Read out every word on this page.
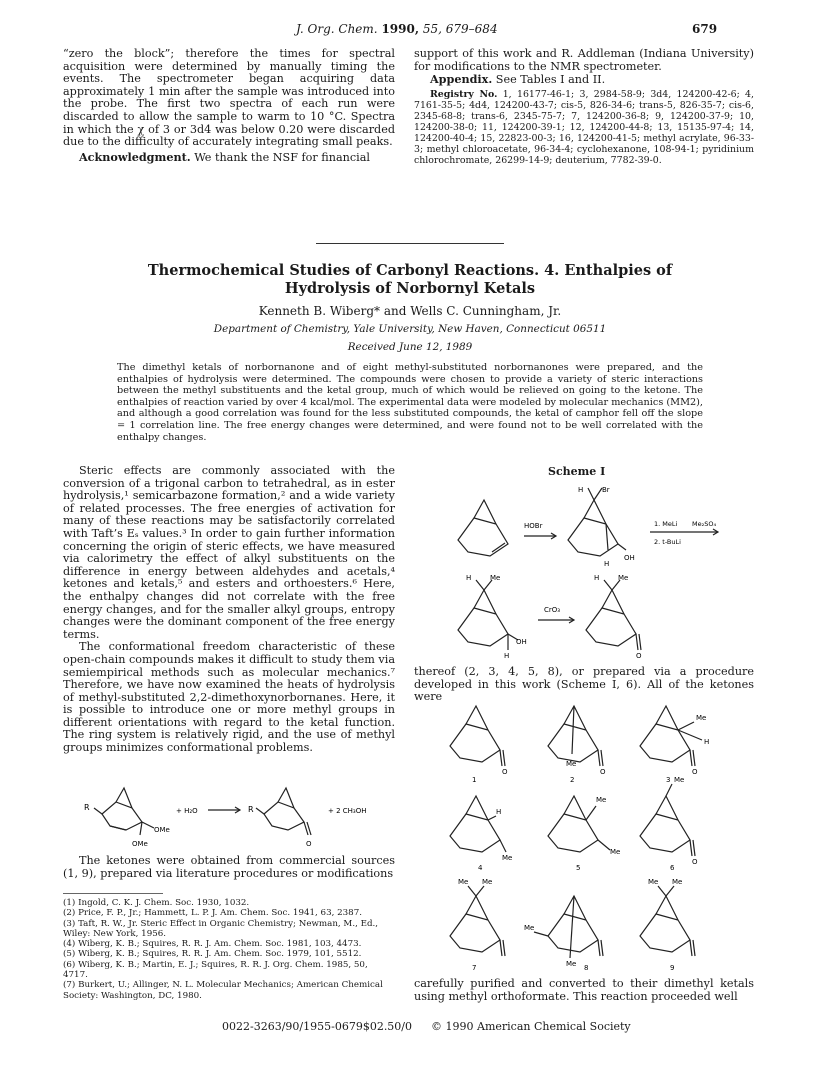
J. Org. Chem. 1990, 55, 679–684	679

“zero the block”; therefore the times for spectral acquisition were determined by manually timing the events. The spectrometer began acquiring data approximately 1 min after the sample was introduced into the probe. The first two spectra of each run were discarded to allow the sample to warm to 10 °C. Spectra in which the χ of 3 or 3d4 was below 0.20 were discarded due to the difficulty of accurately integrating small peaks.

Acknowledgment. We thank the NSF for financial

support of this work and R. Addleman (Indiana University) for modifications to the NMR spectrometer.

Appendix. See Tables I and II.

Registry No. 1, 16177-46-1; 3, 2984-58-9; 3d4, 124200-42-6; 4, 7161-35-5; 4d4, 124200-43-7; cis-5, 826-34-6; trans-5, 826-35-7; cis-6, 2345-68-8; trans-6, 2345-75-7; 7, 124200-36-8; 9, 124200-37-9; 10, 124200-38-0; 11, 124200-39-1; 12, 124200-44-8; 13, 15135-97-4; 14, 124200-40-4; 15, 22823-00-3; 16, 124200-41-5; methyl acrylate, 96-33-3; methyl chloroacetate, 96-34-4; cyclohexanone, 108-94-1; pyridinium chlorochromate, 26299-14-9; deuterium, 7782-39-0.

Thermochemical Studies of Carbonyl Reactions. 4. Enthalpies of
Hydrolysis of Norbornyl Ketals
Kenneth B. Wiberg* and Wells C. Cunningham, Jr.
Department of Chemistry, Yale University, New Haven, Connecticut 06511
Received June 12, 1989
The dimethyl ketals of norbornanone and of eight methyl-substituted norbornanones were prepared, and the enthalpies of hydrolysis were determined. The compounds were chosen to provide a variety of steric interactions between the methyl substituents and the ketal group, much of which would be relieved on going to the ketone. The enthalpies of reaction varied by over 4 kcal/mol. The experimental data were modeled by molecular mechanics (MM2), and although a good correlation was found for the less substituted compounds, the ketal of camphor fell off the slope = 1 correlation line. The free energy changes were determined, and were found not to be well correlated with the enthalpy changes.

Steric effects are commonly associated with the conversion of a trigonal carbon to tetrahedral, as in ester hydrolysis,¹ semicarbazone formation,² and a wide variety of related processes. The free energies of activation for many of these reactions may be satisfactorily correlated with Taft’s Eₛ values.³ In order to gain further information concerning the origin of steric effects, we have measured via calorimetry the effect of alkyl substituents on the difference in energy between aldehydes and acetals,⁴ ketones and ketals,⁵ and esters and orthoesters.⁶ Here, the enthalpy changes did not correlate with the free energy changes, and for the smaller alkyl groups, entropy changes were the dominant component of the free energy terms.

The conformational freedom characteristic of these open-chain compounds makes it difficult to study them via semiempirical methods such as molecular mechanics.⁷ Therefore, we have now examined the heats of hydrolysis of methyl-substituted 2,2-dimethoxynorbornanes. Here, it is possible to introduce one or more methyl groups in different orientations with regard to the ketal function. The ring system is relatively rigid, and the use of methyl groups minimizes conformational problems.

R
OMe
OMe
+ H₂O	R
O
+ 2 CH₃OH

The ketones were obtained from commercial sources (1, 9), prepared via literature procedures or modifications

(1) Ingold, C. K. J. Chem. Soc. 1930, 1032.

(2) Price, F. P., Jr.; Hammett, L. P. J. Am. Chem. Soc. 1941, 63, 2387.

(3) Taft, R. W., Jr. Steric Effect in Organic Chemistry; Newman, M., Ed., Wiley: New York, 1956.

(4) Wiberg, K. B.; Squires, R. R. J. Am. Chem. Soc. 1981, 103, 4473.

(5) Wiberg, K. B.; Squires, R. R. J. Am. Chem. Soc. 1979, 101, 5512.

(6) Wiberg, K. B.; Martin, E. J.; Squires, R. R. J. Org. Chem. 1985, 50, 4717.

(7) Burkert, U.; Allinger, N. L. Molecular Mechanics; American Chemical Society: Washington, DC, 1980.

Scheme I
H	Br
HOBr
OH
H
1. MeLi Me₂SO₄
2. t-BuLi
H	Me
OH
H
CrO₃
H	Me
O

thereof (2, 3, 4, 5, 8), or prepared via a procedure developed in this work (Scheme I, 6). All of the ketones were

1
O
Me
2
O
Me
H
3
O
H
Me
4
Me
Me
5
Me
O
6
Me Me
7
Me
Me 8
Me Me
9

carefully purified and converted to their dimethyl ketals using methyl orthoformate. This reaction proceeded well

0022-3263/90/1955-0679$02.50/0 © 1990 American Chemical Society
